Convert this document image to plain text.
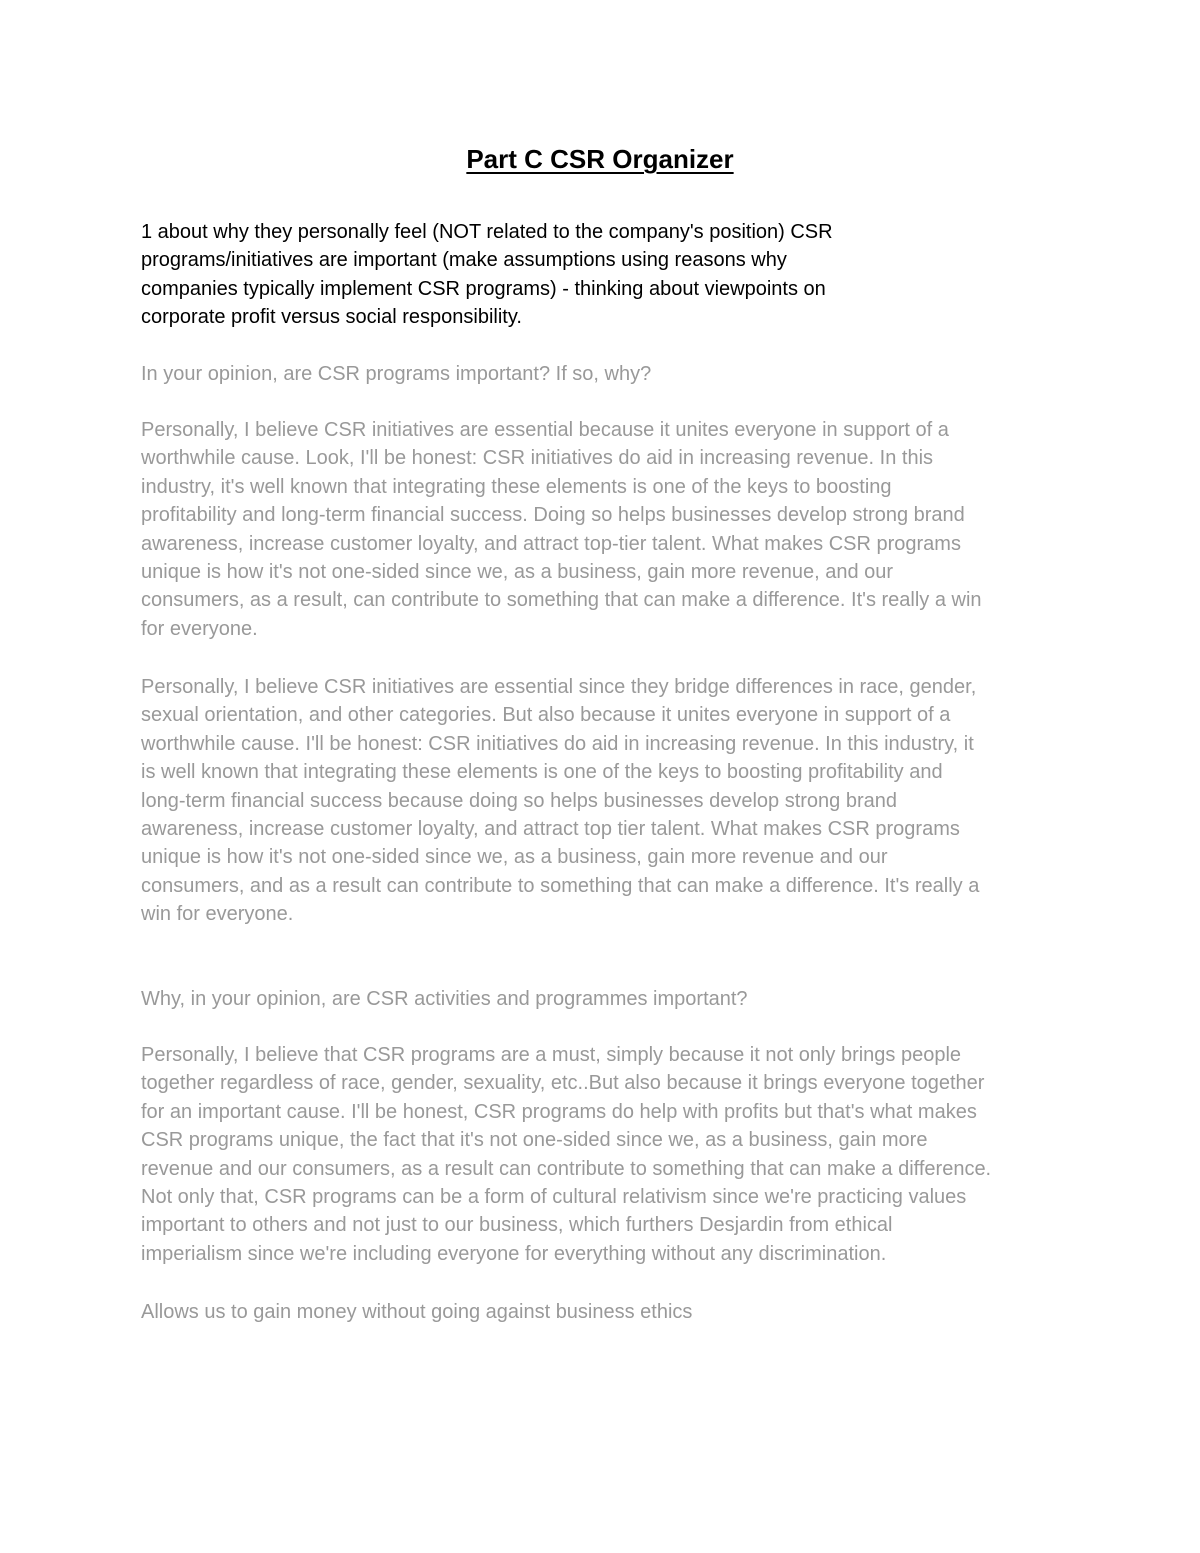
Part C CSR Organizer

1 about why they personally feel (NOT related to the company's position) CSR
programs/initiatives are important (make assumptions using reasons why
companies typically implement CSR programs) - thinking about viewpoints on
corporate profit versus social responsibility.

In your opinion, are CSR programs important? If so, why?

Personally, I believe CSR initiatives are essential because it unites everyone in support of a
worthwhile cause. Look, I'll be honest: CSR initiatives do aid in increasing revenue. In this
industry, it's well known that integrating these elements is one of the keys to boosting
profitability and long-term financial success. Doing so helps businesses develop strong brand
awareness, increase customer loyalty, and attract top-tier talent. What makes CSR programs
unique is how it's not one-sided since we, as a business, gain more revenue, and our
consumers, as a result, can contribute to something that can make a difference. It's really a win
for everyone.

Personally, I believe CSR initiatives are essential since they bridge differences in race, gender,
sexual orientation, and other categories. But also because it unites everyone in support of a
worthwhile cause. I'll be honest: CSR initiatives do aid in increasing revenue. In this industry, it
is well known that integrating these elements is one of the keys to boosting profitability and
long-term financial success because doing so helps businesses develop strong brand
awareness, increase customer loyalty, and attract top tier talent. What makes CSR programs
unique is how it's not one-sided since we, as a business, gain more revenue and our
consumers, and as a result can contribute to something that can make a difference. It's really a
win for everyone.

Why, in your opinion, are CSR activities and programmes important?

Personally, I believe that CSR programs are a must, simply because it not only brings people
together regardless of race, gender, sexuality, etc..But also because it brings everyone together
for an important cause. I'll be honest, CSR programs do help with profits but that's what makes
CSR programs unique, the fact that it's not one-sided since we, as a business, gain more
revenue and our consumers, as a result can contribute to something that can make a difference.
Not only that, CSR programs can be a form of cultural relativism since we're practicing values
important to others and not just to our business, which furthers Desjardin from ethical
imperialism since we're including everyone for everything without any discrimination.

Allows us to gain money without going against business ethics
